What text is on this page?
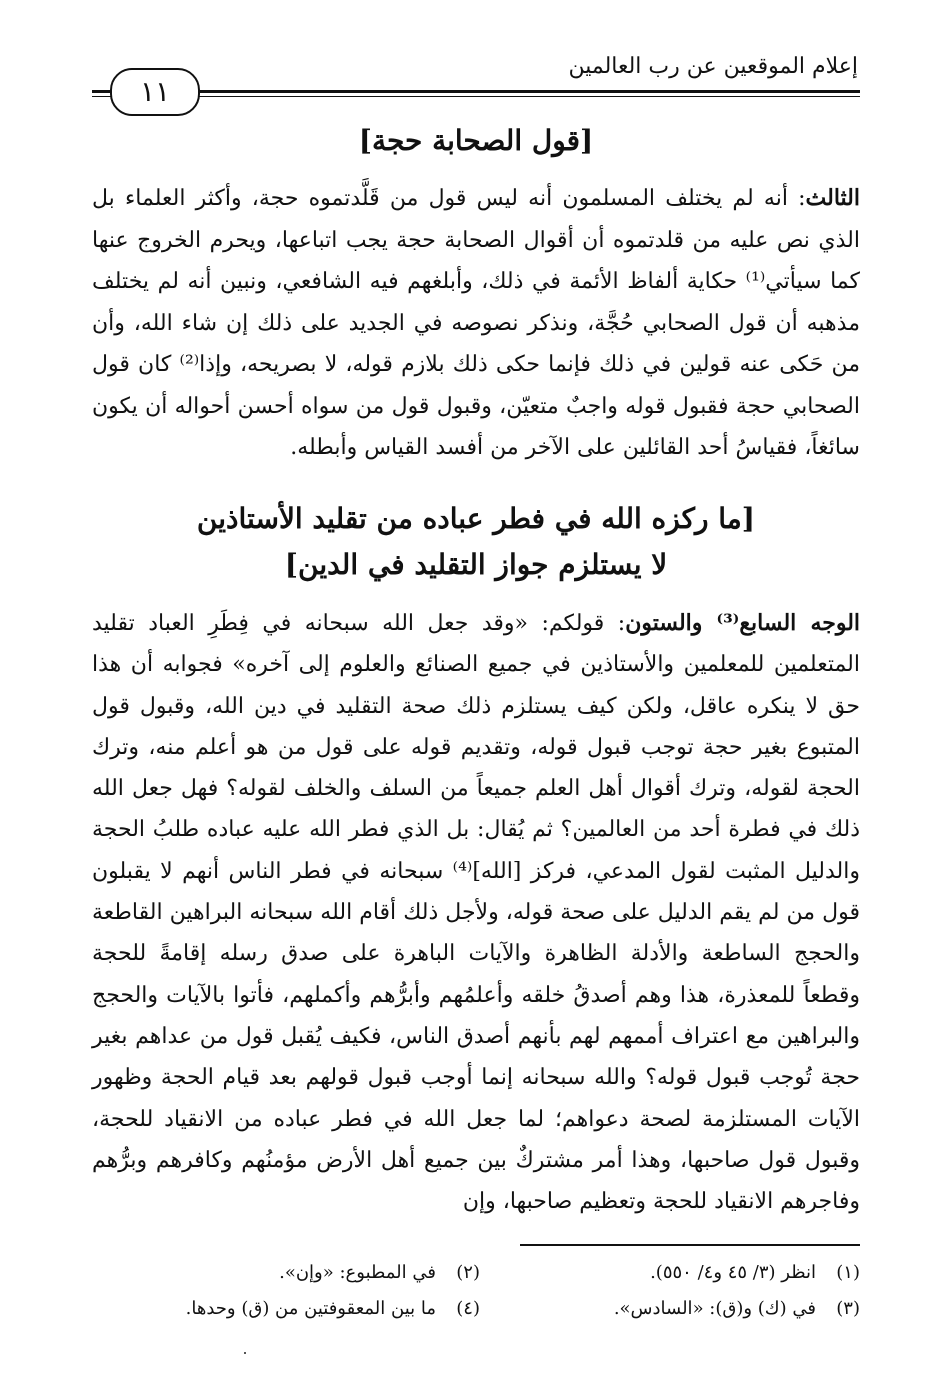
إعلام الموقعين عن رب العالمين
١١
[قول الصحابة حجة]
الثالث: أنه لم يختلف المسلمون أنه ليس قول من قَلَّدتموه حجة، وأكثر العلماء بل الذي نص عليه من قلدتموه أن أقوال الصحابة حجة يجب اتباعها، ويحرم الخروج عنها كما سيأتي⁽¹⁾ حكاية ألفاظ الأئمة في ذلك، وأبلغهم فيه الشافعي، ونبين أنه لم يختلف مذهبه أن قول الصحابي حُجَّة، ونذكر نصوصه في الجديد على ذلك إن شاء الله، وأن من حَكى عنه قولين في ذلك فإنما حكى ذلك بلازم قوله، لا بصريحه، وإذا⁽²⁾ كان قول الصحابي حجة فقبول قوله واجبٌ متعيّن، وقبول قول من سواه أحسن أحواله أن يكون سائغاً، فقياسُ أحد القائلين على الآخر من أفسد القياس وأبطله.
[ما ركزه الله في فطر عباده من تقليد الأستاذين
لا يستلزم جواز التقليد في الدين]
الوجه السابع⁽³⁾ والستون: قولكم: «وقد جعل الله سبحانه في فِطَرِ العباد تقليد المتعلمين للمعلمين والأستاذين في جميع الصنائع والعلوم إلى آخره» فجوابه أن هذا حق لا ينكره عاقل، ولكن كيف يستلزم ذلك صحة التقليد في دين الله، وقبول قول المتبوع بغير حجة توجب قبول قوله، وتقديم قوله على قول من هو أعلم منه، وترك الحجة لقوله، وترك أقوال أهل العلم جميعاً من السلف والخلف لقوله؟ فهل جعل الله ذلك في فطرة أحد من العالمين؟ ثم يُقال: بل الذي فطر الله عليه عباده طلبُ الحجة والدليل المثبت لقول المدعي، فركز [الله]⁽⁴⁾ سبحانه في فطر الناس أنهم لا يقبلون قول من لم يقم الدليل على صحة قوله، ولأجل ذلك أقام الله سبحانه البراهين القاطعة والحجج الساطعة والأدلة الظاهرة والآيات الباهرة على صدق رسله إقامةً للحجة وقطعاً للمعذرة، هذا وهم أصدقُ خلقه وأعلمُهم وأبرُّهم وأكملهم، فأتوا بالآيات والحجج والبراهين مع اعتراف أممهم لهم بأنهم أصدق الناس، فكيف يُقبل قول من عداهم بغير حجة تُوجب قبول قوله؟ والله سبحانه إنما أوجب قبول قولهم بعد قيام الحجة وظهور الآيات المستلزمة لصحة دعواهم؛ لما جعل الله في فطر عباده من الانقياد للحجة، وقبول قول صاحبها، وهذا أمر مشتركٌ بين جميع أهل الأرض مؤمنُهم وكافرهم وبرُّهم وفاجرهم الانقياد للحجة وتعظيم صاحبها، وإن
(١)انظر (٣/ ٤٥ و٤/ ٥٥٠).
(٢)في المطبوع: «وإن».
(٣)في (ك) و(ق): «السادس».
(٤)ما بين المعقوفتين من (ق) وحدها.
